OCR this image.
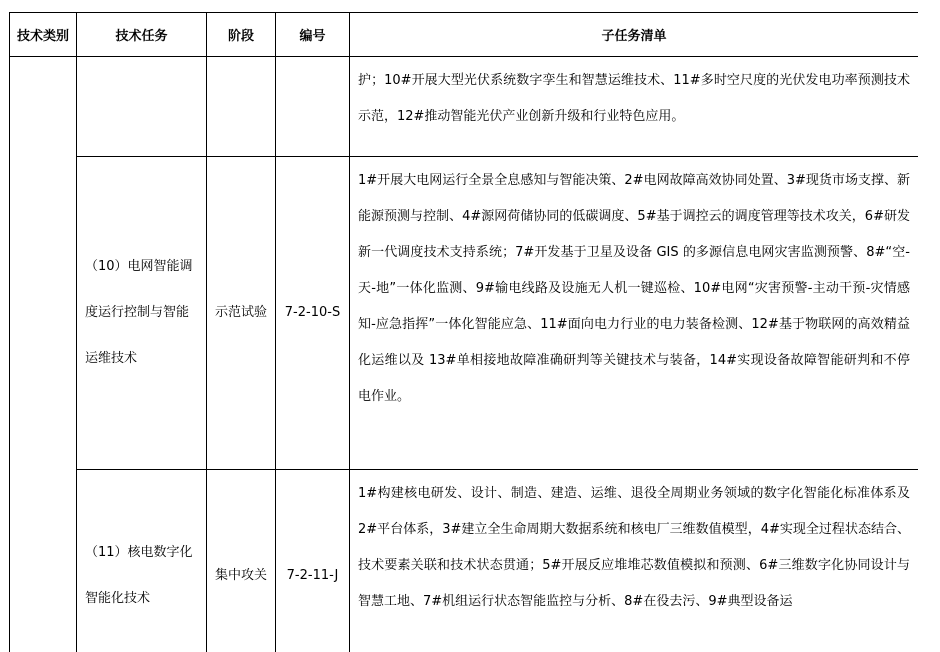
技术类别	技术任务	阶段	编号	子任务清单
				护；10#开展大型光伏系统数字孪生和智慧运维技术、11#多时空尺度的光伏发电功率预测技术示范，12#推动智能光伏产业创新升级和行业特色应用。
	（10）电网智能调度运行控制与智能运维技术	示范试验	7-2-10-S	1#开展大电网运行全景全息感知与智能决策、2#电网故障高效协同处置、3#现货市场支撑、新能源预测与控制、4#源网荷储协同的低碳调度、5#基于调控云的调度管理等技术攻关，6#研发新一代调度技术支持系统；7#开发基于卫星及设备 GIS 的多源信息电网灾害监测预警、8#“空-天-地”一体化监测、9#输电线路及设施无人机一键巡检、10#电网“灾害预警-主动干预-灾情感知-应急指挥”一体化智能应急、11#面向电力行业的电力装备检测、12#基于物联网的高效精益化运维以及 13#单相接地故障准确研判等关键技术与装备，14#实现设备故障智能研判和不停电作业。
	（11）核电数字化智能化技术	集中攻关	7-2-11-J	1#构建核电研发、设计、制造、建造、运维、退役全周期业务领域的数字化智能化标准体系及 2#平台体系，3#建立全生命周期大数据系统和核电厂三维数值模型，4#实现全过程状态结合、技术要素关联和技术状态贯通；5#开展反应堆堆芯数值模拟和预测、6#三维数字化协同设计与智慧工地、7#机组运行状态智能监控与分析、8#在役去污、9#典型设备运
